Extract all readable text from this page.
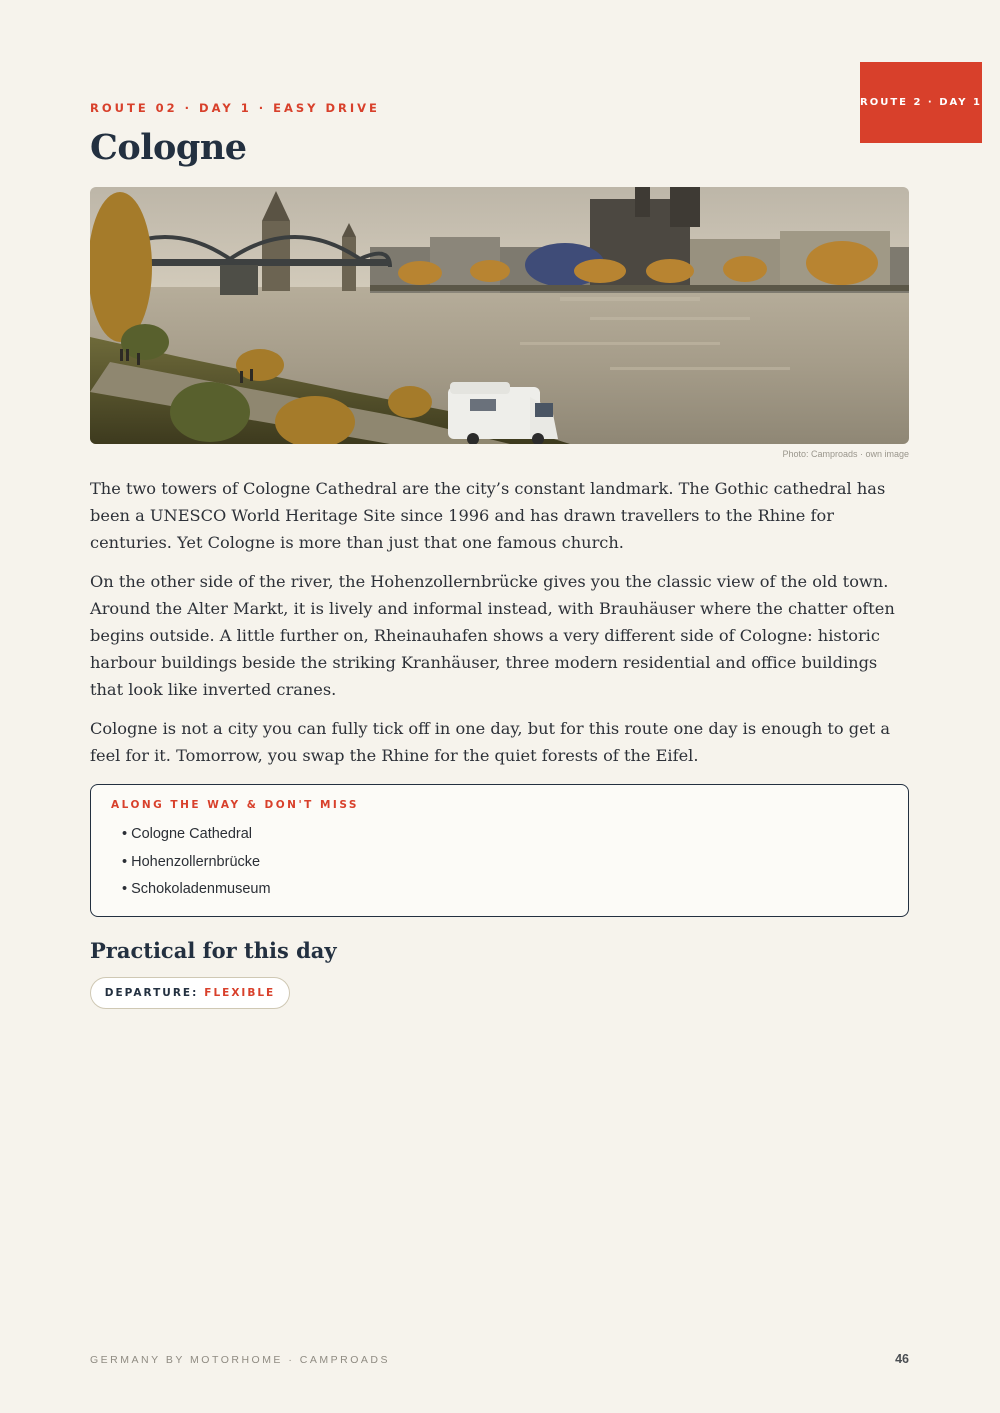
ROUTE 2 · DAY 1
ROUTE 02 · DAY 1 · EASY DRIVE
Cologne
Photo: Camproads · own image

The two towers of Cologne Cathedral are the city’s constant landmark. The Gothic cathedral has been a UNESCO World Heritage Site since 1996 and has drawn travellers to the Rhine for centuries. Yet Cologne is more than just that one famous church.

On the other side of the river, the Hohenzollernbrücke gives you the classic view of the old town. Around the Alter Markt, it is lively and informal instead, with Brauhäuser where the chatter often begins outside. A little further on, Rheinauhafen shows a very different side of Cologne: historic harbour buildings beside the striking Kranhäuser, three modern residential and office buildings that look like inverted cranes.

Cologne is not a city you can fully tick off in one day, but for this route one day is enough to get a feel for it. Tomorrow, you swap the Rhine for the quiet forests of the Eifel.

ALONG THE WAY & DON'T MISS
• Cologne Cathedral
• Hohenzollernbrücke
• Schokoladenmuseum
Practical for this day
DEPARTURE: FLEXIBLE
GERMANY BY MOTORHOME · CAMPROADS	46
